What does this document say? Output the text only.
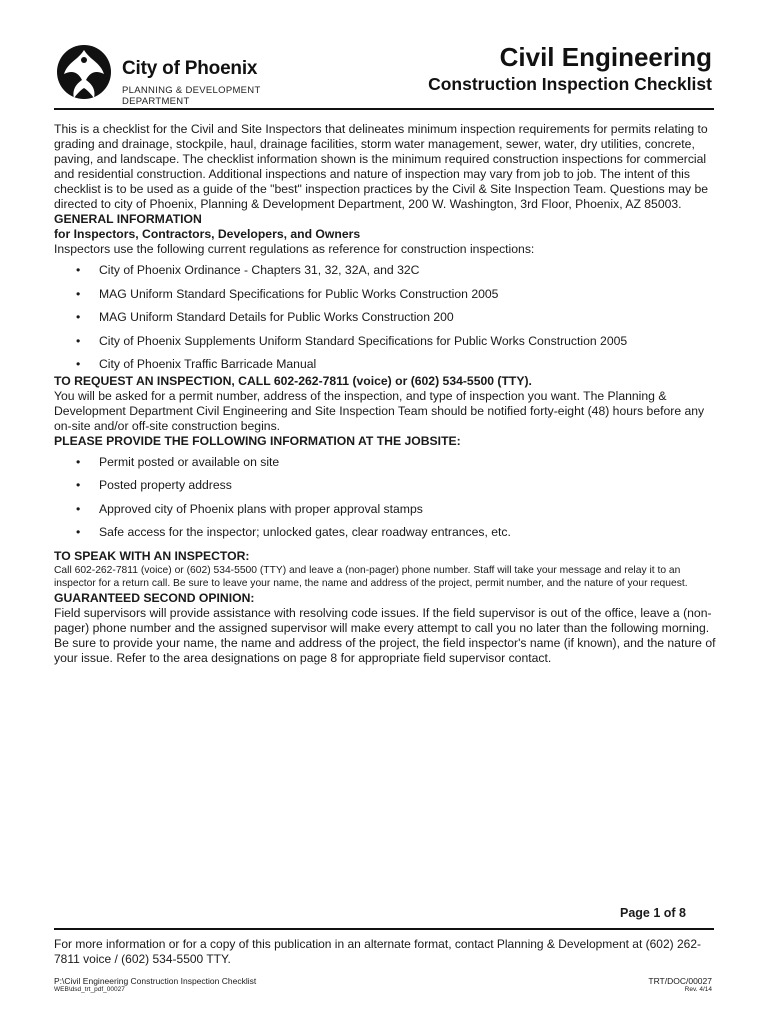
City of Phoenix
PLANNING & DEVELOPMENT DEPARTMENT
Civil Engineering
Construction Inspection Checklist

This is a checklist for the Civil and Site Inspectors that delineates minimum inspection requirements for permits relating to grading and drainage, stockpile, haul, drainage facilities, storm water management, sewer, water, dry utilities, concrete, paving, and landscape. The checklist information shown is the minimum required construction inspections for commercial and residential construction. Additional inspections and nature of inspection may vary from job to job. The intent of this checklist is to be used as a guide of the "best" inspection practices by the Civil & Site Inspection Team. Questions may be directed to city of Phoenix, Planning & Development Department, 200 W. Washington, 3rd Floor, Phoenix, AZ 85003.

GENERAL INFORMATION

for Inspectors, Contractors, Developers, and Owners

Inspectors use the following current regulations as reference for construction inspections:

• City of Phoenix Ordinance - Chapters 31, 32, 32A, and 32C
• MAG Uniform Standard Specifications for Public Works Construction 2005
• MAG Uniform Standard Details for Public Works Construction 200
• City of Phoenix Supplements Uniform Standard Specifications for Public Works Construction 2005
• City of Phoenix Traffic Barricade Manual

TO REQUEST AN INSPECTION, CALL 602-262-7811 (voice) or (602) 534-5500 (TTY).

You will be asked for a permit number, address of the inspection, and type of inspection you want. The Planning & Development Department Civil Engineering and Site Inspection Team should be notified forty-eight (48) hours before any on-site and/or off-site construction begins.

PLEASE PROVIDE THE FOLLOWING INFORMATION AT THE JOBSITE:

• Permit posted or available on site
• Posted property address
• Approved city of Phoenix plans with proper approval stamps
• Safe access for the inspector; unlocked gates, clear roadway entrances, etc.

TO SPEAK WITH AN INSPECTOR:

Call 602-262-7811 (voice) or (602) 534-5500 (TTY) and leave a (non-pager) phone number. Staff will take your message and relay it to an inspector for a return call. Be sure to leave your name, the name and address of the project, permit number, and the nature of your request.

GUARANTEED SECOND OPINION:

Field supervisors will provide assistance with resolving code issues. If the field supervisor is out of the office, leave a (non-pager) phone number and the assigned supervisor will make every attempt to call you no later than the following morning. Be sure to provide your name, the name and address of the project, the field inspector's name (if known), and the nature of your issue. Refer to the area designations on page 8 for appropriate field supervisor contact.

Page 1 of 8
For more information or for a copy of this publication in an alternate format, contact Planning & Development at (602) 262-7811 voice / (602) 534-5500 TTY.
P:\Civil Engineering Construction Inspection Checklist
WEB\dsd_trt_pdf_00027
TRT/DOC/00027
Rev. 4/14
